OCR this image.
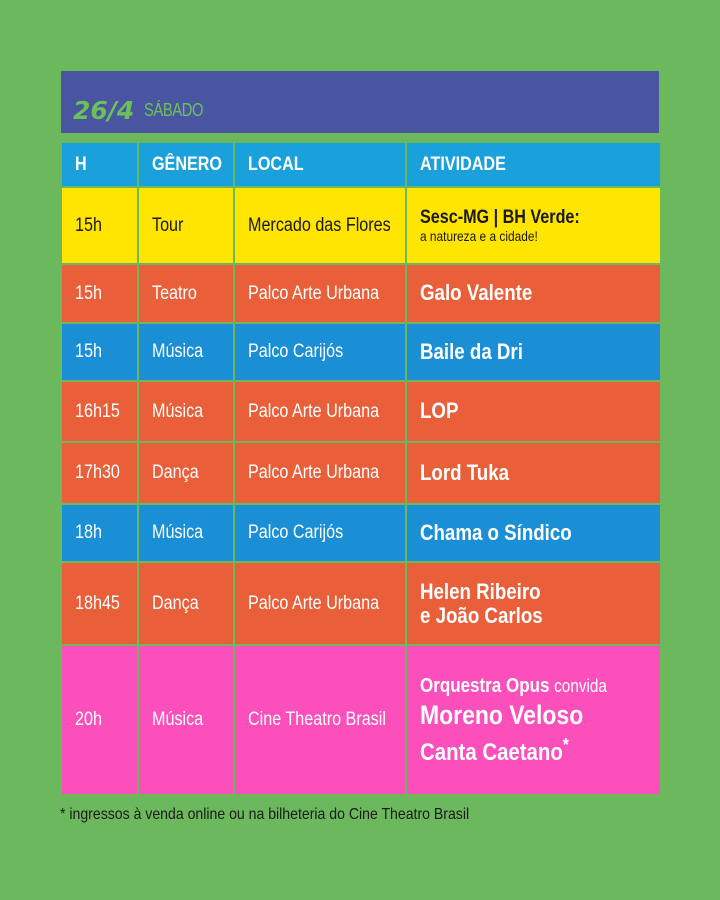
26/4 SÁBADO
H	GÊNERO	LOCAL	ATIVIDADE
15h	Tour	Mercado das Flores	Sesc-MG | BH Verde:
a natureza e a cidade!

15h	Teatro	Palco Arte Urbana	Galo Valente
15h	Música	Palco Carijós	Baile da Dri
16h15	Música	Palco Arte Urbana	LOP
17h30	Dança	Palco Arte Urbana	Lord Tuka
18h	Música	Palco Carijós	Chama o Síndico
18h45	Dança	Palco Arte Urbana	Helen Ribeiro
e João Carlos

20h	Música	Cine Theatro Brasil	Orquestra Opus convida
Moreno Veloso
Canta Caetano*
* ingressos à venda online ou na bilheteria do Cine Theatro Brasil
